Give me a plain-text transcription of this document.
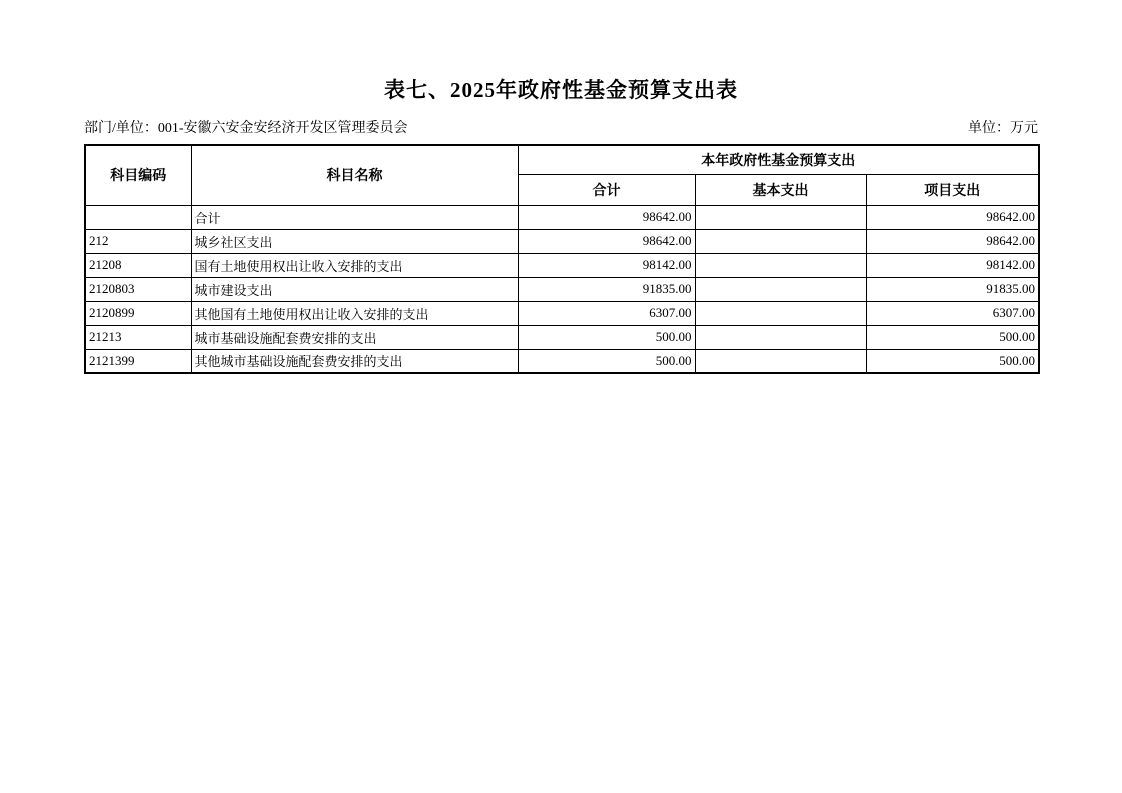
表七、2025年政府性基金预算支出表
部门/单位：001-安徽六安金安经济开发区管理委员会	单位：万元
科目编码	科目名称	本年政府性基金预算支出		
		合计	基本支出	项目支出
	合计	98642.00		98642.00
212	城乡社区支出	98642.00		98642.00
21208	国有土地使用权出让收入安排的支出	98142.00		98142.00
2120803	城市建设支出	91835.00		91835.00
2120899	其他国有土地使用权出让收入安排的支出	6307.00		6307.00
21213	城市基础设施配套费安排的支出	500.00		500.00
2121399	其他城市基础设施配套费安排的支出	500.00		500.00
